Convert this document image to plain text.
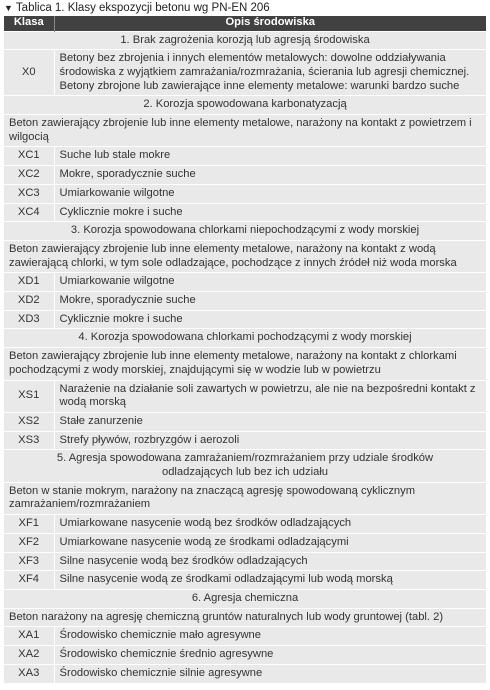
▼ Tablica 1. Klasy ekspozycji betonu wg PN-EN 206
Klasa	Opis środowiska
1. Brak zagrożenia korozją lub agresją środowiska	
X0	Betony bez zbrojenia i innych elementów metalowych: dowolne oddziaływania środowiska z wyjątkiem zamrażania/rozmrażania, ścierania lub agresji chemicznej. Betony zbrojone lub zawierające inne elementy metalowe: warunki bardzo suche
2. Korozja spowodowana karbonatyzacją	
Beton zawierający zbrojenie lub inne elementy metalowe, narażony na kontakt z powietrzem i wilgocią	
XC1	Suche lub stale mokre
XC2	Mokre, sporadycznie suche
XC3	Umiarkowanie wilgotne
XC4	Cyklicznie mokre i suche
3. Korozja spowodowana chlorkami niepochodzącymi z wody morskiej	
Beton zawierający zbrojenie lub inne elementy metalowe, narażony na kontakt z wodą zawierającą chlorki, w tym sole odladzające, pochodzące z innych źródeł niż woda morska	
XD1	Umiarkowanie wilgotne
XD2	Mokre, sporadycznie suche
XD3	Cyklicznie mokre i suche
4. Korozja spowodowana chlorkami pochodzącymi z wody morskiej	
Beton zawierający zbrojenie lub inne elementy metalowe, narażony na kontakt z chlorkami pochodzącymi z wody morskiej, znajdującymi się w wodzie lub w powietrzu	
XS1	Narażenie na działanie soli zawartych w powietrzu, ale nie na bezpośredni kontakt z wodą morską
XS2	Stałe zanurzenie
XS3	Strefy pływów, rozbryzgów i aerozoli
5. Agresja spowodowana zamrażaniem/rozmrażaniem przy udziale środków odladzających lub bez ich udziału	
Beton w stanie mokrym, narażony na znaczącą agresję spowodowaną cyklicznym zamrażaniem/rozmrażaniem	
XF1	Umiarkowane nasycenie wodą bez środków odladzających
XF2	Umiarkowane nasycenie wodą ze środkami odladzającymi
XF3	Silne nasycenie wodą bez środków odladzających
XF4	Silne nasycenie wodą ze środkami odladzającymi lub wodą morską
6. Agresja chemiczna	
Beton narażony na agresję chemiczną gruntów naturalnych lub wody gruntowej (tabl. 2)	
XA1	Środowisko chemicznie mało agresywne
XA2	Środowisko chemicznie średnio agresywne
XA3	Środowisko chemicznie silnie agresywne
